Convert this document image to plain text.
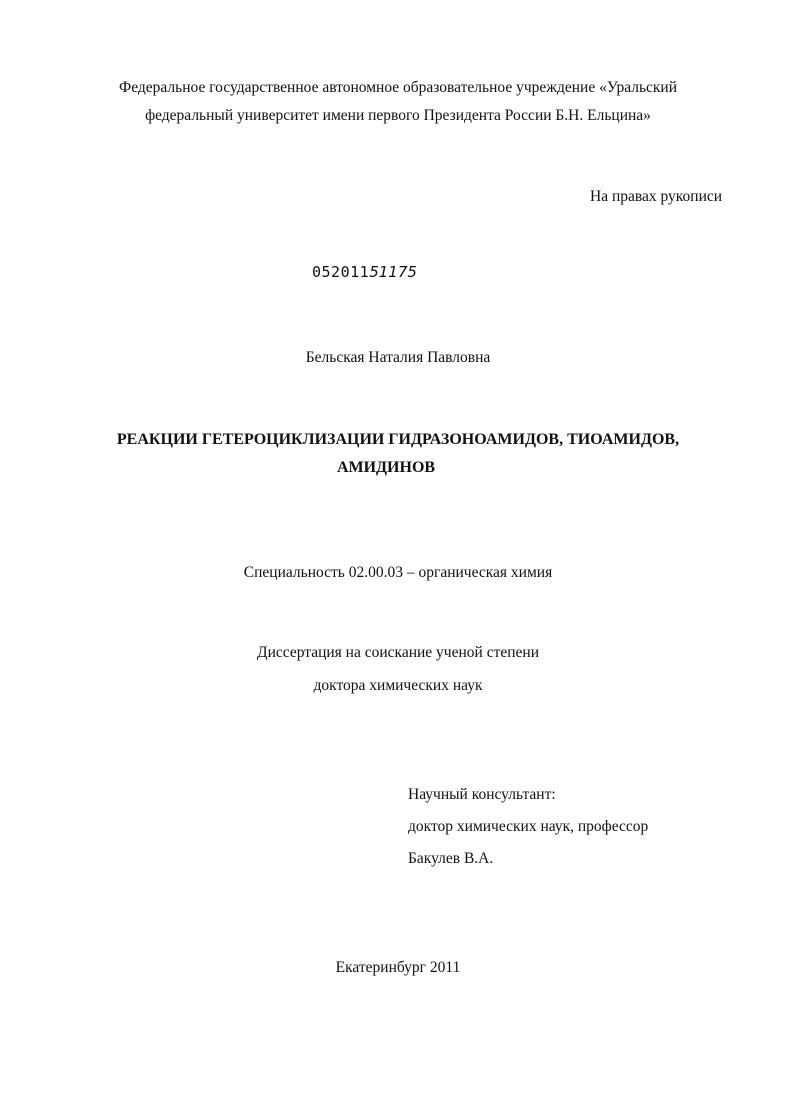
Федеральное государственное автономное образовательное учреждение «Уральский
федеральный университет имени первого Президента России Б.Н. Ельцина»
На правах рукописи
05201151175
Бельская Наталия Павловна
РЕАКЦИИ ГЕТЕРОЦИКЛИЗАЦИИ ГИДРАЗОНОАМИДОВ, ТИОАМИДОВ,
АМИДИНОВ
Специальность 02.00.03 – органическая химия
Диссертация на соискание ученой степени
доктора химических наук
Научный консультант:
доктор химических наук, профессор
Бакулев В.А.
Екатеринбург 2011
